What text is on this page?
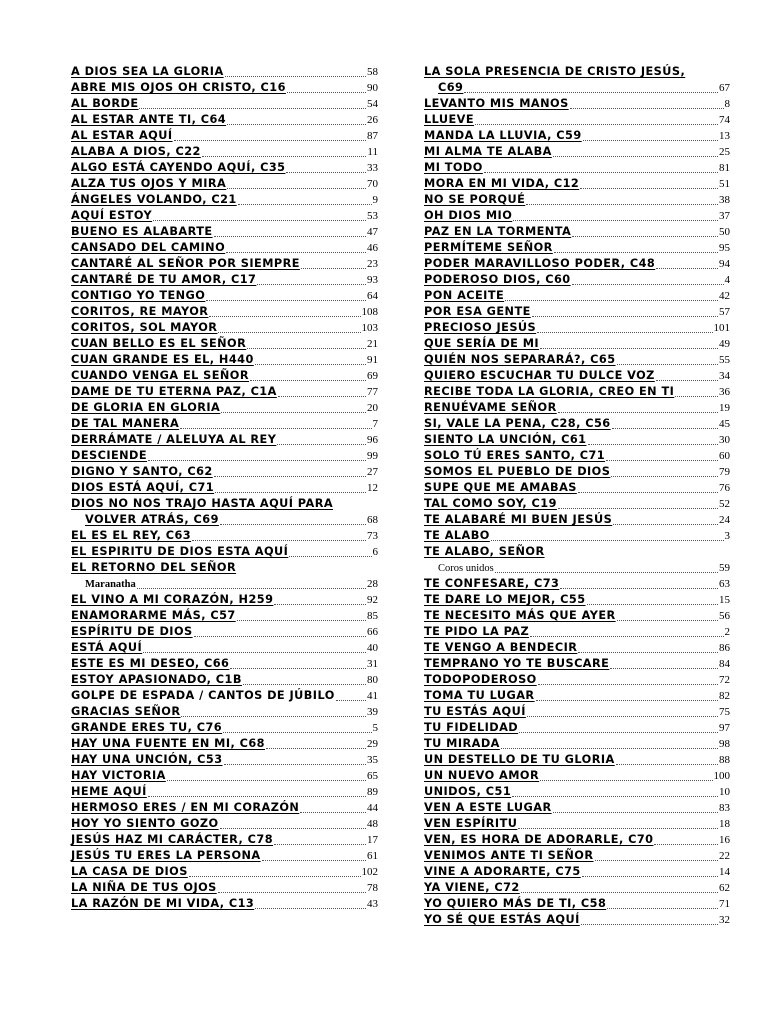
A DIOS SEA LA GLORIA	58
ABRE MIS OJOS OH CRISTO, C16	90
AL BORDE	54
AL ESTAR ANTE TI, C64	26
AL ESTAR AQUÍ	87
ALABA A DIOS, C22	11
ALGO ESTÁ CAYENDO AQUÍ, C35	33
ALZA TUS OJOS Y MIRA	70
ÁNGELES VOLANDO, C21	9
AQUÍ ESTOY	53
BUENO ES ALABARTE	47
CANSADO DEL CAMINO	46
CANTARÉ AL SEÑOR POR SIEMPRE	23
CANTARÉ DE TU AMOR, C17	93
CONTIGO YO TENGO	64
CORITOS, RE MAYOR	108
CORITOS, SOL MAYOR	103
CUAN BELLO ES EL SEÑOR	21
CUAN GRANDE ES EL, H440	91
CUANDO VENGA EL SEÑOR	69
DAME DE TU ETERNA PAZ, C1A	77
DE GLORIA EN GLORIA	20
DE TAL MANERA	7
DERRÁMATE / ALELUYA AL REY	96
DESCIENDE	99
DIGNO Y SANTO, C62	27
DIOS ESTÁ AQUÍ, C71	12
DIOS NO NOS TRAJO HASTA AQUÍ PARA
VOLVER ATRÁS, C69	68
EL ES EL REY, C63	73
EL ESPIRITU DE DIOS ESTA AQUÍ	6
EL RETORNO DEL SEÑOR
Maranatha	28
EL VINO A MI CORAZÓN, H259	92
ENAMORARME MÁS, C57	85
ESPÍRITU DE DIOS	66
ESTÁ AQUÍ	40
ESTE ES MI DESEO, C66	31
ESTOY APASIONADO, C1B	80
GOLPE DE ESPADA / CANTOS DE JÚBILO	41
GRACIAS SEÑOR	39
GRANDE ERES TU, C76	5
HAY UNA FUENTE EN MI, C68	29
HAY UNA UNCIÓN, C53	35
HAY VICTORIA	65
HEME AQUÍ	89
HERMOSO ERES / EN MI CORAZÓN	44
HOY YO SIENTO GOZO	48
JESÚS HAZ MI CARÁCTER, C78	17
JESÚS TU ERES LA PERSONA	61
LA CASA DE DIOS	102
LA NIÑA DE TUS OJOS	78
LA RAZÓN DE MI VIDA, C13	43
LA SOLA PRESENCIA DE CRISTO JESÚS,
C69	67
LEVANTO MIS MANOS	8
LLUEVE	74
MANDA LA LLUVIA, C59	13
MI ALMA TE ALABA	25
MI TODO	81
MORA EN MI VIDA, C12	51
NO SE PORQUÉ	38
OH DIOS MIO	37
PAZ EN LA TORMENTA	50
PERMÍTEME SEÑOR	95
PODER MARAVILLOSO PODER, C48	94
PODEROSO DIOS, C60	4
PON ACEITE	42
POR ESA GENTE	57
PRECIOSO JESÚS	101
QUE SERÍA DE MI	49
QUIÉN NOS SEPARARÁ?, C65	55
QUIERO ESCUCHAR TU DULCE VOZ	34
RECIBE TODA LA GLORIA, CREO EN TI	36
RENUÉVAME SEÑOR	19
SI, VALE LA PENA, C28, C56	45
SIENTO LA UNCIÓN, C61	30
SOLO TÚ ERES SANTO, C71	60
SOMOS EL PUEBLO DE DIOS	79
SUPE QUE ME AMABAS	76
TAL COMO SOY, C19	52
TE ALABARÉ MI BUEN JESÚS	24
TE ALABO	3
TE ALABO, SEÑOR
Coros unidos	59
TE CONFESARE, C73	63
TE DARE LO MEJOR, C55	15
TE NECESITO MÁS QUE AYER	56
TE PIDO LA PAZ	2
TE VENGO A BENDECIR	86
TEMPRANO YO TE BUSCARE	84
TODOPODEROSO	72
TOMA TU LUGAR	82
TU ESTÁS AQUÍ	75
TU FIDELIDAD	97
TU MIRADA	98
UN DESTELLO DE TU GLORIA	88
UN NUEVO AMOR	100
UNIDOS, C51	10
VEN A ESTE LUGAR	83
VEN ESPÍRITU	18
VEN, ES HORA DE ADORARLE, C70	16
VENIMOS ANTE TI SEÑOR	22
VINE A ADORARTE, C75	14
YA VIENE, C72	62
YO QUIERO MÁS DE TI, C58	71
YO SÉ QUE ESTÁS AQUÍ	32
